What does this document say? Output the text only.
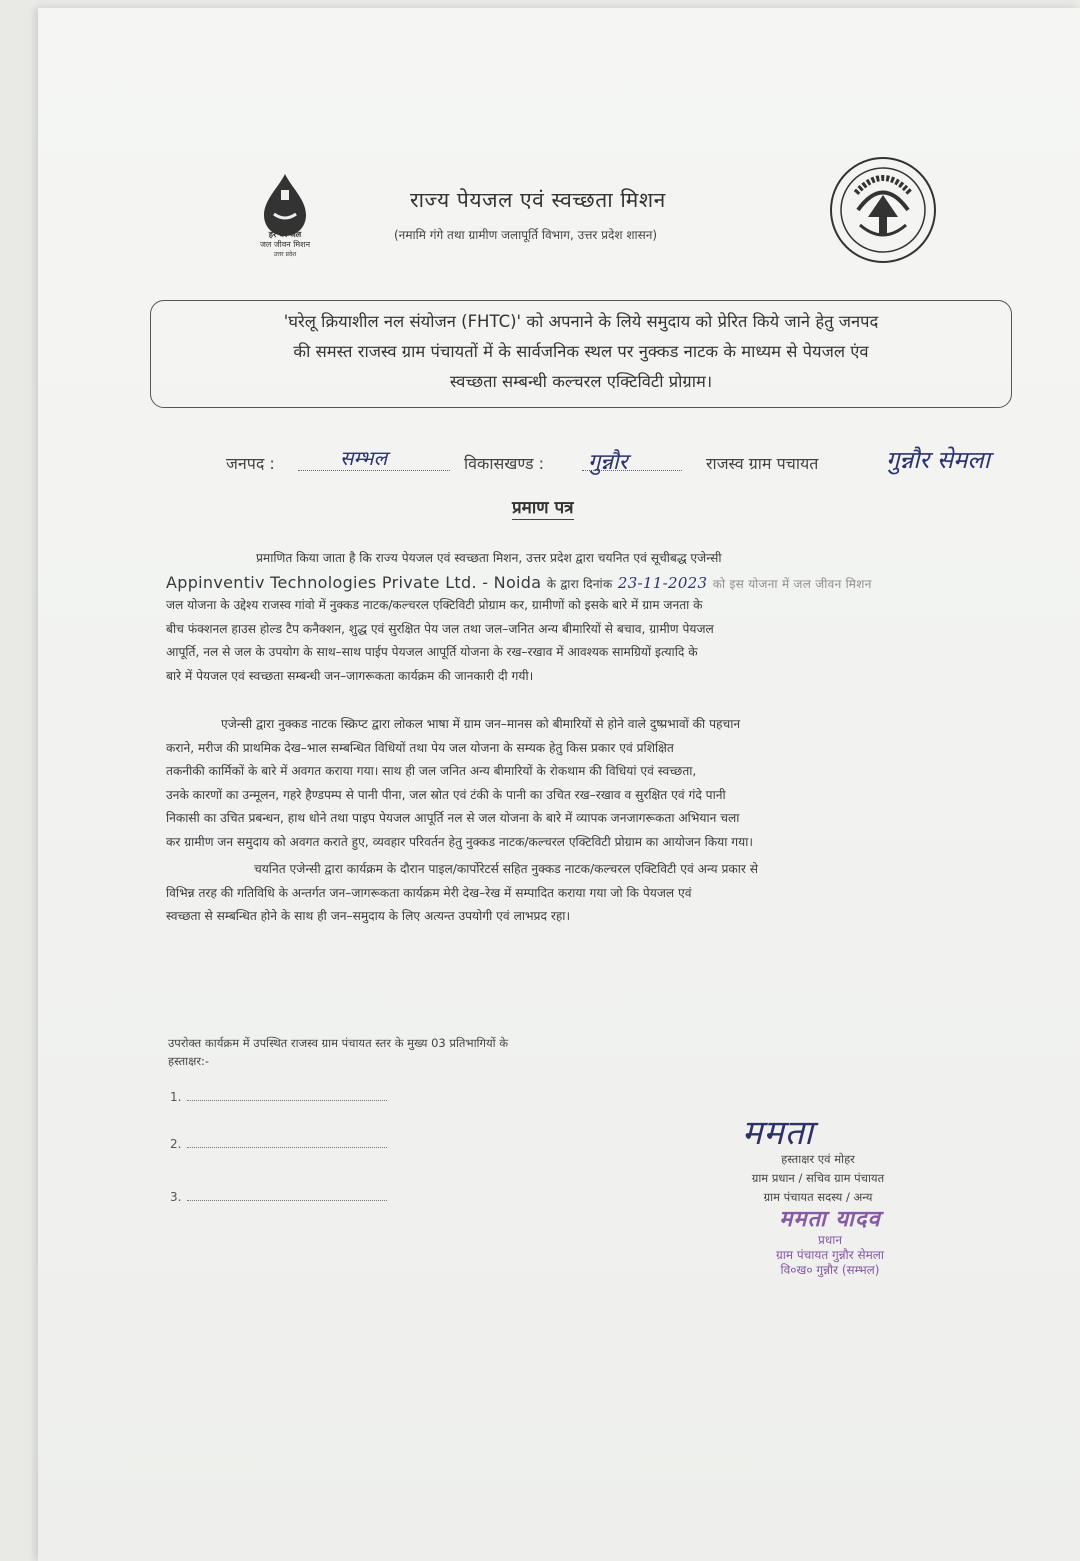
हर घर जल
जल जीवन मिशन
उत्तर प्रदेश
राज्य पेयजल एवं स्वच्छता मिशन
(नमामि गंगे तथा ग्रामीण जलापूर्ति विभाग, उत्तर प्रदेश शासन)
'घरेलू क्रियाशील नल संयोजन (FHTC)' को अपनाने के लिये समुदाय को प्रेरित किये जाने हेतु जनपद
की समस्त राजस्व ग्राम पंचायतों में के सार्वजनिक स्थल पर नुक्कड नाटक के माध्यम से पेयजल एंव
स्वच्छता सम्बन्धी कल्चरल एक्टिविटी प्रोग्राम।
जनपद :	सम्भल	विकासखण्ड : गुन्नौर	राजस्व ग्राम पचायत	गुन्नौर सेमला
प्रमाण पत्र
प्रमाणित किया जाता है कि राज्य पेयजल एवं स्वच्छता मिशन, उत्तर प्रदेश द्वारा चयनित एवं सूचीबद्ध एजेन्सी
Appinventiv Technologies Private Ltd. - Noida के द्वारा दिनांक 23-11-2023 को इस योजना में जल जीवन मिशन
जल योजना के उद्देश्य राजस्व गांवो में नुक्कड नाटक/कल्चरल एक्टिविटी प्रोग्राम कर, ग्रामीणों को इसके बारे में ग्राम जनता के
बीच फंक्शनल हाउस होल्ड टैप कनैक्शन, शुद्ध एवं सुरक्षित पेय जल तथा जल–जनित अन्य बीमारियों से बचाव, ग्रामीण पेयजल
आपूर्ति, नल से जल के उपयोग के साथ–साथ पाईप पेयजल आपूर्ति योजना के रख–रखाव में आवश्यक सामग्रियों इत्यादि के
बारे में पेयजल एवं स्वच्छता सम्बन्धी जन–जागरूकता कार्यक्रम की जानकारी दी गयी।
एजेन्सी द्वारा नुक्कड नाटक स्क्रिप्ट द्वारा लोकल भाषा में ग्राम जन–मानस को बीमारियों से होने वाले दुष्प्रभावों की पहचान
कराने, मरीज की प्राथमिक देख–भाल सम्बन्धित विधियों तथा पेय जल योजना के सम्यक हेतु किस प्रकार एवं प्रशिक्षित
तकनीकी कार्मिकों के बारे में अवगत कराया गया। साथ ही जल जनित अन्य बीमारियों के रोकथाम की विधियां एवं स्वच्छता,
उनके कारणों का उन्मूलन, गहरे हैण्डपम्प से पानी पीना, जल स्रोत एवं टंकी के पानी का उचित रख–रखाव व सुरक्षित एवं गंदे पानी
निकासी का उचित प्रबन्धन, हाथ धोने तथा पाइप पेयजल आपूर्ति नल से जल योजना के बारे में व्यापक जनजागरूकता अभियान चला
कर ग्रामीण जन समुदाय को अवगत कराते हुए, व्यवहार परिवर्तन हेतु नुक्कड नाटक/कल्चरल एक्टिविटी प्रोग्राम का आयोजन किया गया।
चयनित एजेन्सी द्वारा कार्यक्रम के दौरान पाइल/कार्पोरेटर्स सहित नुक्कड नाटक/कल्चरल एक्टिविटी एवं अन्य प्रकार से
विभिन्न तरह की गतिविधि के अन्तर्गत जन–जागरूकता कार्यक्रम मेरी देख–रेख में सम्पादित कराया गया जो कि पेयजल एवं
स्वच्छता से सम्बन्धित होने के साथ ही जन–समुदाय के लिए अत्यन्त उपयोगी एवं लाभप्रद रहा।
उपरोक्त कार्यक्रम में उपस्थित राजस्व ग्राम पंचायत स्तर के मुख्य 03 प्रतिभागियों के
हस्ताक्षर:-
1.
2.
3.
ममता
हस्ताक्षर एवं मोहर
ग्राम प्रधान / सचिव ग्राम पंचायत
ग्राम पंचायत सदस्य / अन्य
ममता यादव
प्रधान
ग्राम पंचायत गुन्नौर सेमला
वि०ख० गुन्नौर (सम्भल)
